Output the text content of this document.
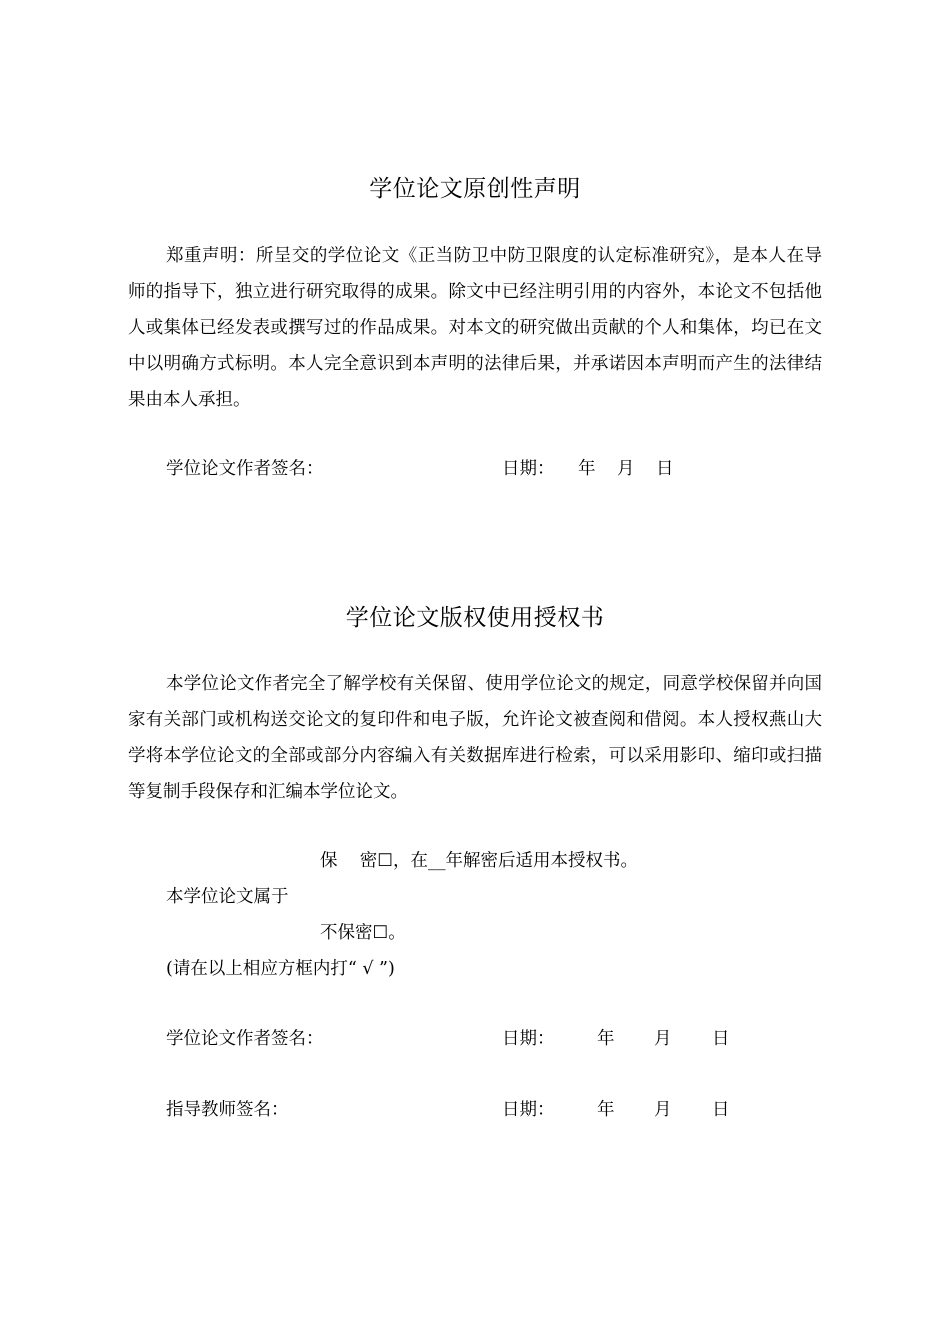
学位论文原创性声明
郑重声明：所呈交的学位论文《正当防卫中防卫限度的认定标准研究》，是本人在导师的指导下，独立进行研究取得的成果。除文中已经注明引用的内容外，本论文不包括他人或集体已经发表或撰写过的作品成果。对本文的研究做出贡献的个人和集体，均已在文中以明确方式标明。本人完全意识到本声明的法律后果，并承诺因本声明而产生的法律结果由本人承担。
学位论文作者签名：	日期： 年 月 日
学位论文版权使用授权书
本学位论文作者完全了解学校有关保留、使用学位论文的规定，同意学校保留并向国家有关部门或机构送交论文的复印件和电子版，允许论文被查阅和借阅。本人授权燕山大学将本学位论文的全部或部分内容编入有关数据库进行检索，可以采用影印、缩印或扫描等复制手段保存和汇编本学位论文。
保    密☐，在__年解密后适用本授权书。
本学位论文属于
不保密☐。
(请在以上相应方框内打“ √ ”)
学位论文作者签名：	日期： 年 月 日
指导教师签名：	日期： 年 月 日
